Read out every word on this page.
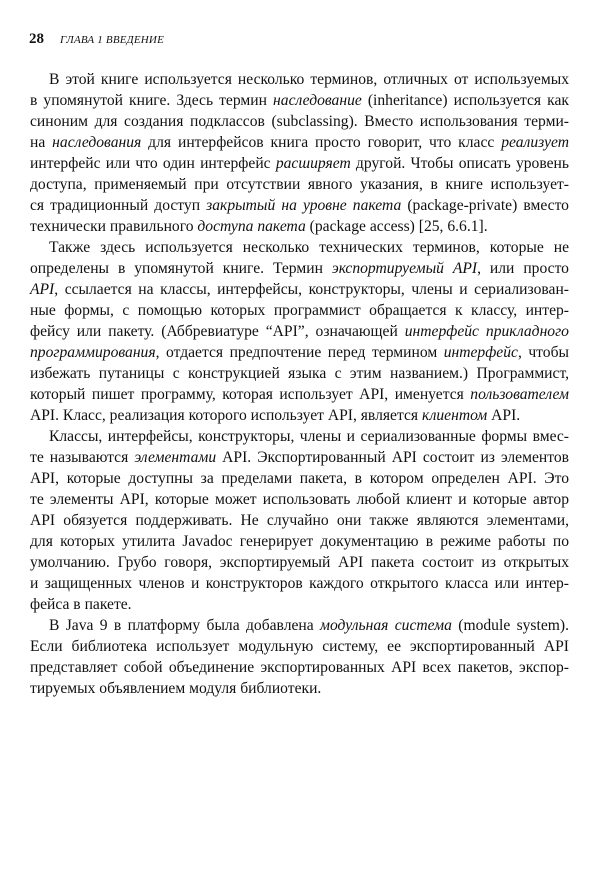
28 ГЛАВА 1 ВВЕДЕНИЕ
В этой книге используется несколько терминов, отличных от используемых
в упомянутой книге. Здесь термин наследование (inheritance) используется как
синоним для создания подклассов (subclassing). Вместо использования терми-
на наследования для интерфейсов книга просто говорит, что класс реализует
интерфейс или что один интерфейс расширяет другой. Чтобы описать уровень
доступа, применяемый при отсутствии явного указания, в книге использует-
ся традиционный доступ закрытый на уровне пакета (package-private) вместо
технически правильного доступа пакета (package access) [25, 6.6.1].
Также здесь используется несколько технических терминов, которые не
определены в упомянутой книге. Термин экспортируемый API, или просто
API, ссылается на классы, интерфейсы, конструкторы, члены и сериализован-
ные формы, с помощью которых программист обращается к классу, интер-
фейсу или пакету. (Аббревиатуре “API”, означающей интерфейс прикладного
программирования, отдается предпочтение перед термином интерфейс, чтобы
избежать путаницы с конструкцией языка с этим названием.) Программист,
который пишет программу, которая использует API, именуется пользователем
API. Класс, реализация которого использует API, является клиентом API.
Классы, интерфейсы, конструкторы, члены и сериализованные формы вмес-
те называются элементами API. Экспортированный API состоит из элементов
API, которые доступны за пределами пакета, в котором определен API. Это
те элементы API, которые может использовать любой клиент и которые автор
API обязуется поддерживать. Не случайно они также являются элементами,
для которых утилита Javadoc генерирует документацию в режиме работы по
умолчанию. Грубо говоря, экспортируемый API пакета состоит из открытых
и защищенных членов и конструкторов каждого открытого класса или интер-
фейса в пакете.
В Java 9 в платформу была добавлена модульная система (module system).
Если библиотека использует модульную систему, ее экспортированный API
представляет собой объединение экспортированных API всех пакетов, экспор-
тируемых объявлением модуля библиотеки.
